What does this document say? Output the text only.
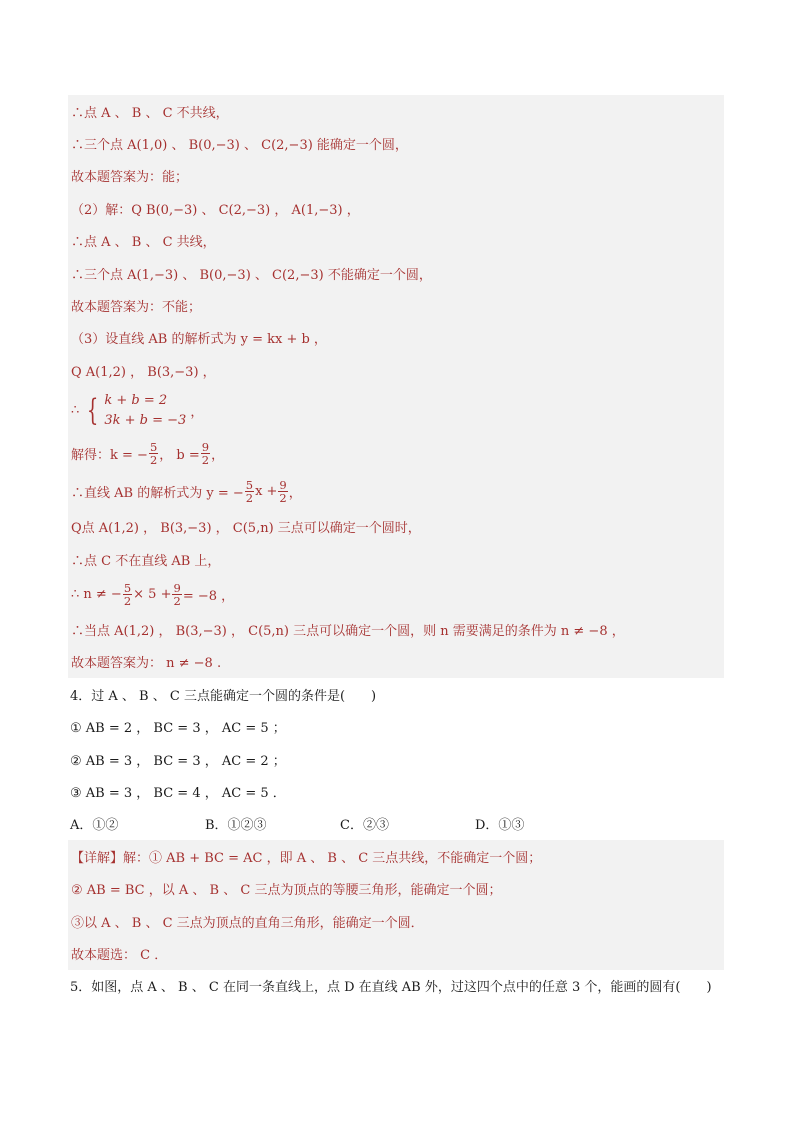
∴点 A 、 B 、 C 不共线，
∴三个点 A(1,0) 、 B(0,−3) 、 C(2,−3) 能确定一个圆，
故本题答案为：能；
（2）解：Q B(0,−3) 、 C(2,−3) ， A(1,−3) ，
∴点 A 、 B 、 C 共线，
∴三个点 A(1,−3) 、 B(0,−3) 、 C(2,−3) 不能确定一个圆，
故本题答案为：不能；
（3）设直线 AB 的解析式为 y = kx + b ，
Q A(1,2) ， B(3,−3) ，
∴ { k + b = 2
3k + b = −3 ，
解得：k = − $\frac{5}{2}$ ， $b = \frac{9}{2}$ ，
∴直线 AB 的解析式为 y = − $\frac{5}{2}$ $x + \frac{9}{2}$ ，
Q点 A(1,2) ， B(3,−3) ， C(5,n) 三点可以确定一个圆时，
∴点 C 不在直线 AB 上，
∴ n ≠ − $\frac{5}{2} \times 5 + \frac{9}{2} = -8$ ，
∴当点 A(1,2) ， B(3,−3) ， C(5,n) 三点可以确定一个圆，则 n 需要满足的条件为 n ≠ −8 ，
故本题答案为： n ≠ −8 .
4．过 A 、 B 、 C 三点能确定一个圆的条件是(　　)
① AB = 2 ， BC = 3 ， AC = 5 ；
② AB = 3 ， BC = 3 ， AC = 2 ；
③ AB = 3 ， BC = 4 ， AC = 5 ．
A．①②	B．①②③	C．②③	D．①③
【详解】 解：① AB + BC = AC ，即 A 、 B 、 C 三点共线，不能确定一个圆；
② AB = BC ，以 A 、 B 、 C 三点为顶点的等腰三角形，能确定一个圆；
③以 A 、 B 、 C 三点为顶点的直角三角形，能确定一个圆．
故本题选： C ．
5．如图，点 A 、 B 、 C 在同一条直线上，点 D 在直线 AB 外，过这四个点中的任意 3 个，能画的圆有(　　)
